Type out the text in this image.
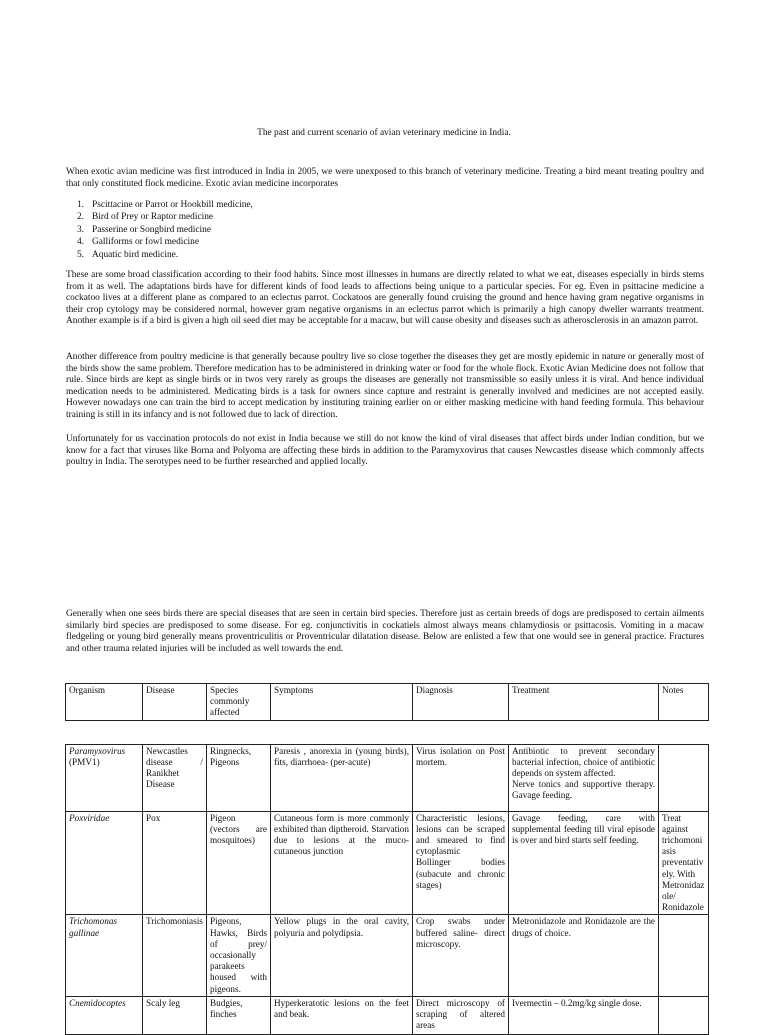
The past and current scenario of avian veterinary medicine in India.

When exotic avian medicine was first introduced in India in 2005, we were unexposed to this branch of veterinary medicine. Treating a bird meant treating poultry and that only constituted flock medicine. Exotic avian medicine incorporates

1. Pscittacine or Parrot or Hookbill medicine,
2. Bird of Prey or Raptor medicine
3. Passerine or Songbird medicine
4. Galliforms or fowl medicine
5. Aquatic bird medicine.

These are some broad classification according to their food habits. Since most illnesses in humans are directly related to what we eat, diseases especially in birds stems from it as well. The adaptations birds have for different kinds of food leads to affections being unique to a particular species. For eg. Even in psittacine medicine a cockatoo lives at a different plane as compared to an eclectus parrot. Cockatoos are generally found cruising the ground and hence having gram negative organisms in their crop cytology may be considered normal, however gram negative organisms in an eclectus parrot which is primarily a high canopy dweller warrants treatment. Another example is if a bird is given a high oil seed diet may be acceptable for a macaw, but will cause obesity and diseases such as atherosclerosis in an amazon parrot.

Another difference from poultry medicine is that generally because poultry live so close together the diseases they get are mostly epidemic in nature or generally most of the birds show the same problem. Therefore medication has to be administered in drinking water or food for the whole flock. Exotic Avian Medicine does not follow that rule. Since birds are kept as single birds or in twos very rarely as groups the diseases are generally not transmissible so easily unless it is viral. And hence individual medication needs to be administered. Medicating birds is a task for owners since capture and restraint is generally involved and medicines are not accepted easily. However nowadays one can train the bird to accept medication by instituting training earlier on or either masking medicine with hand feeding formula. This behaviour training is still in its infancy and is not followed due to lack of direction.

Unfortunately for us vaccination protocols do not exist in India because we still do not know the kind of viral diseases that affect birds under Indian condition, but we know for a fact that viruses like Borna and Polyoma are affecting these birds in addition to the Paramyxovirus that causes Newcastles disease which commonly affects poultry in India. The serotypes need to be further researched and applied locally.

Generally when one sees birds there are special diseases that are seen in certain bird species. Therefore just as certain breeds of dogs are predisposed to certain ailments similarly bird species are predisposed to some disease. For eg. conjunctivitis in cockatiels almost always means chlamydiosis or psittacosis. Vomiting in a macaw fledgeling or young bird generally means proventriculitis or Proventricular dilatation disease. Below are enlisted a few that one would see in general practice. Fractures and other trauma related injuries will be included as well towards the end.

Organism	Disease	Species commonly affected	Symptoms	Diagnosis	Treatment	Notes

Paramyxovirus
(PMV1)	Newcastles disease / Ranikhet Disease	Ringnecks, Pigeons	Paresis , anorexia in (young birds), fits, diarrhoea- (per-acute)	Virus isolation on Post mortem.	Antibiotic to prevent secondary bacterial infection, choice of antibiotic depends on system affected.
Nerve tonics and supportive therapy. Gavage feeding.	

Poxviridae	Pox	Pigeon (vectors are mosquitoes)	Cutaneous form is more commonly exhibited than diptheroid. Starvation due to lesions at the muco-cutaneous junction	Characteristic lesions, lesions can be scraped and smeared to find cytoplasmic
Bollinger bodies (subacute and chronic stages)	Gavage feeding, care with supplemental feeding till viral episode is over and bird starts self feeding.	Treat against trichomoniasis preventatively. With Metronidazole/ Ronidazole
Trichomonas gallinae	Trichomoniasis	Pigeons, Hawks, Birds of prey/ occasionally parakeets housed with pigeons.	Yellow plugs in the oral cavity, polyuria and polydipsia.	Crop swabs under buffered saline- direct microscopy.	Metronidazole and Ronidazole are the drugs of choice.	
Cnemidocoptes	Scaly leg	Budgies, finches	Hyperkeratotic lesions on the feet and beak.	Direct microscopy of scraping of altered areas	Ivermectin – 0.2mg/kg single dose.	
